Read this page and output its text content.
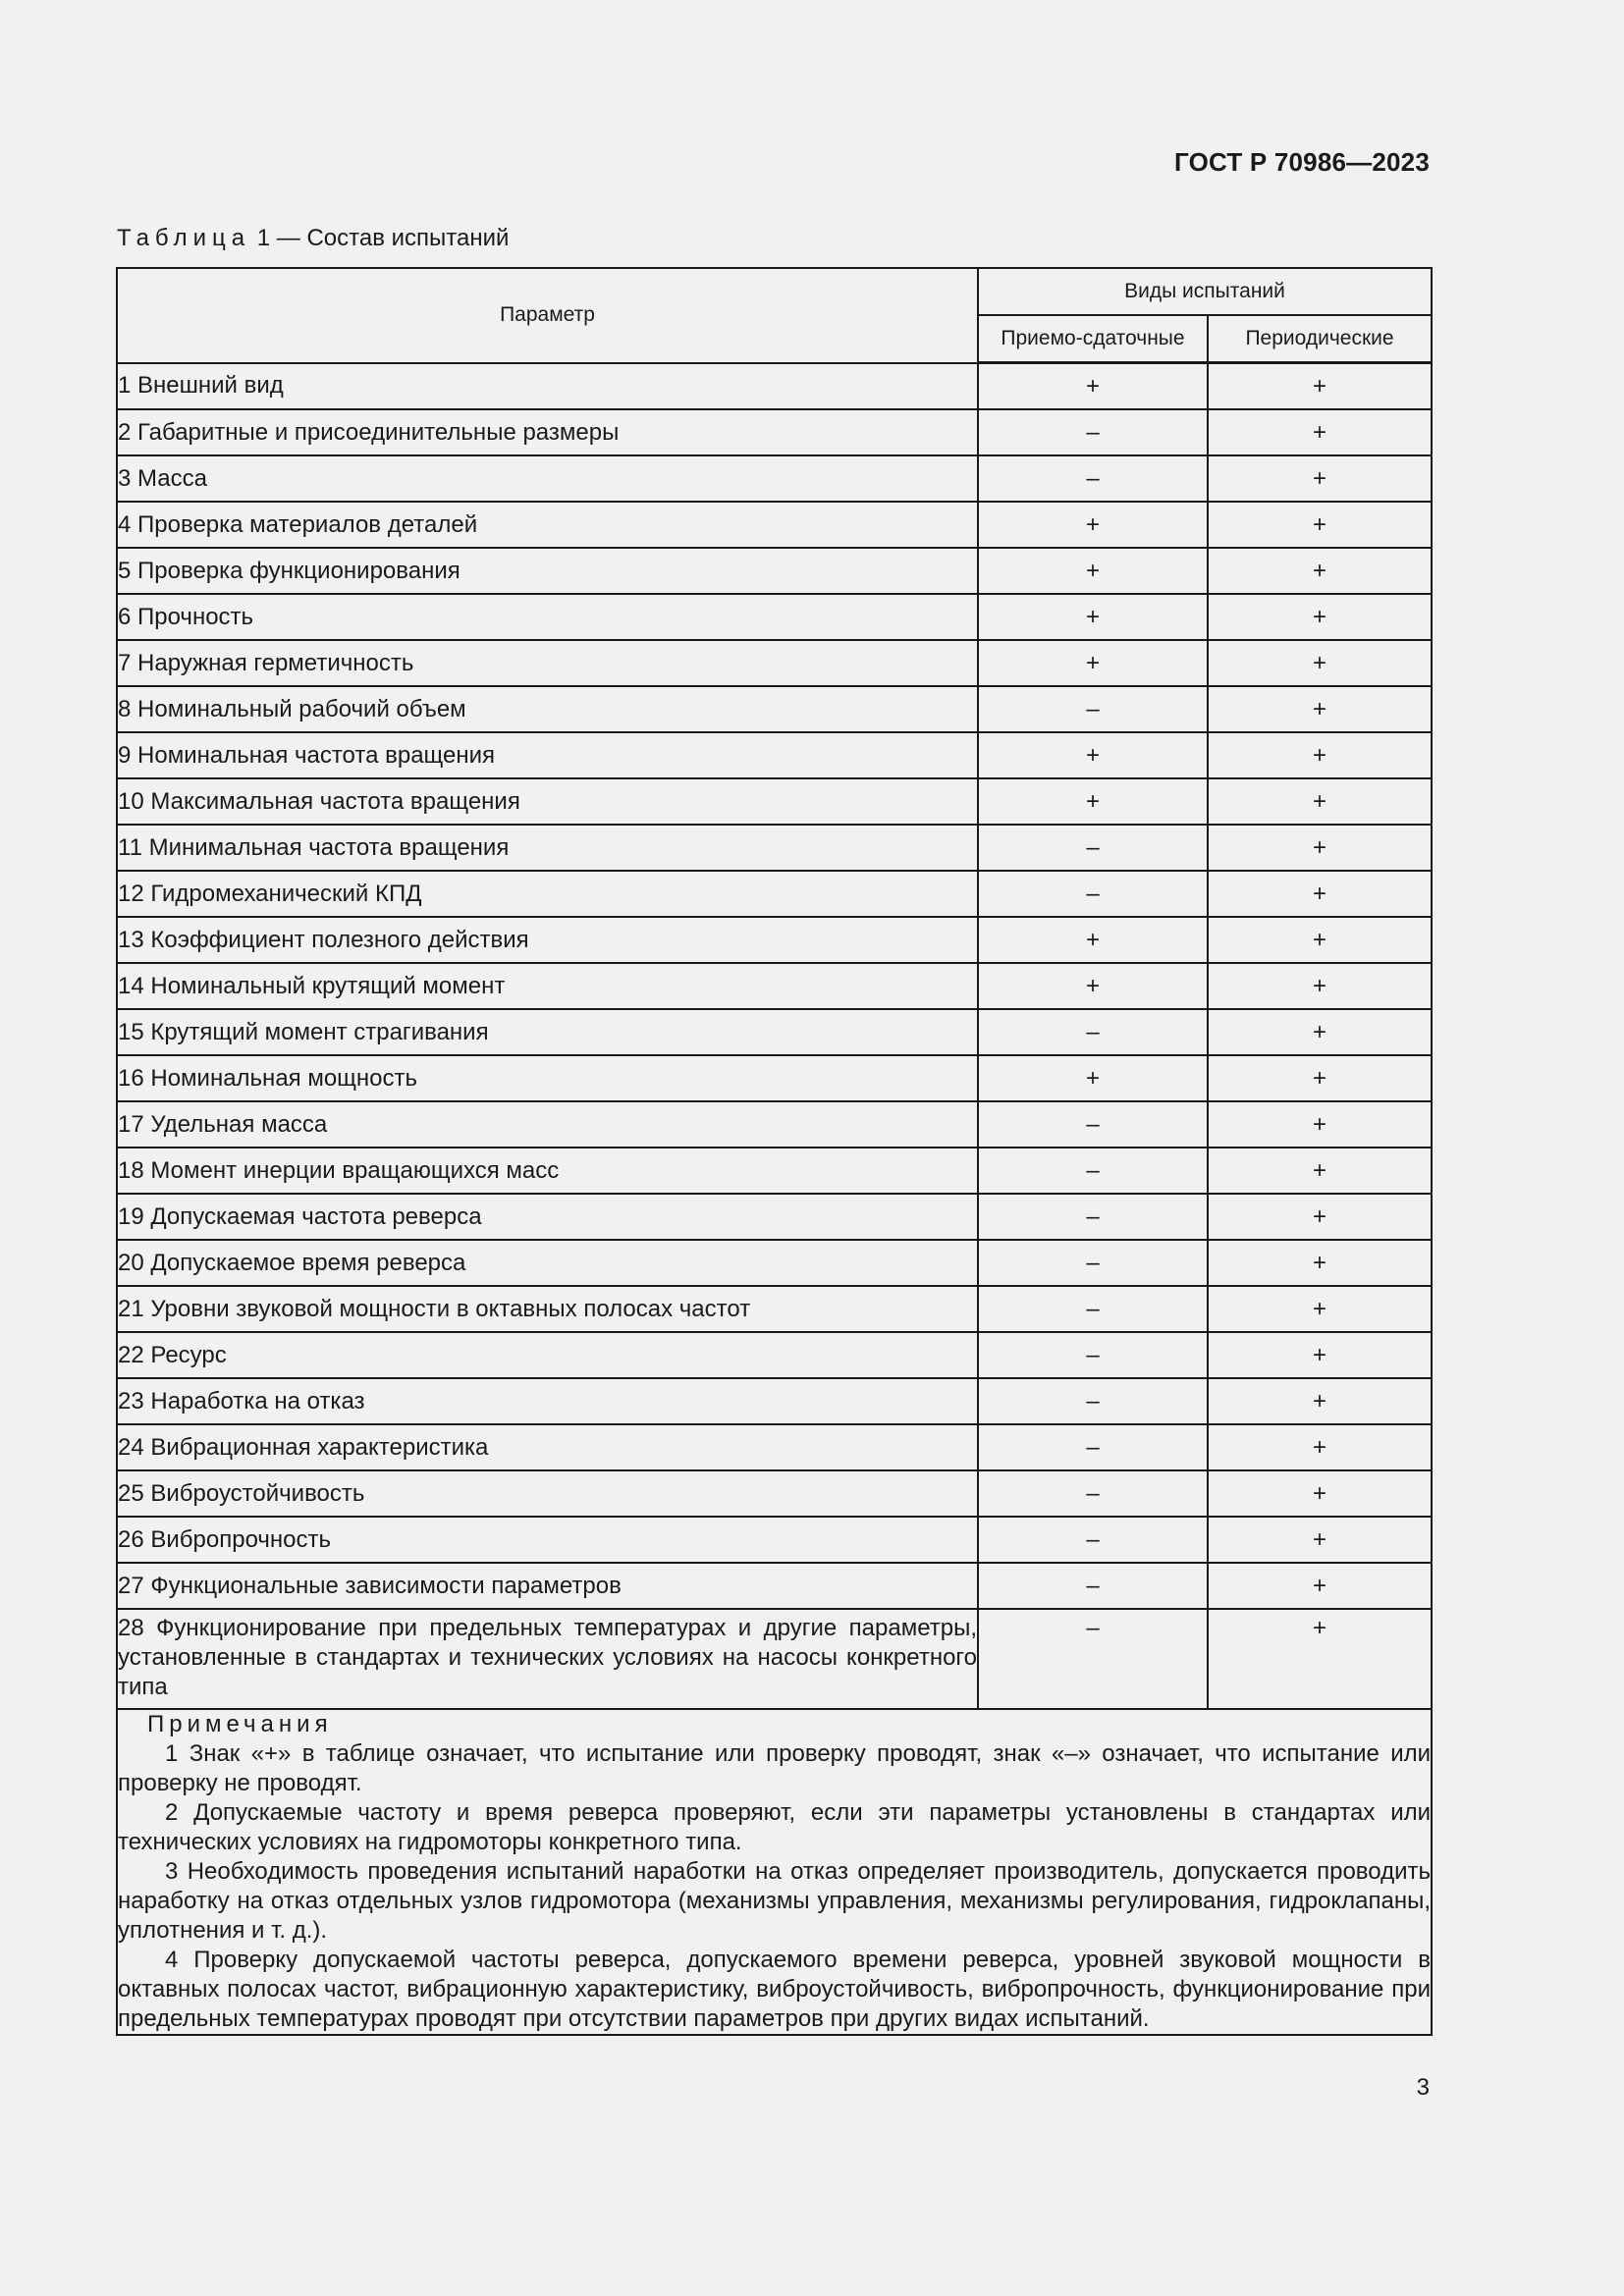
ГОСТ Р 70986—2023
Таблица 1 — Состав испытаний
Параметр	Виды испытаний	
	Приемо-сдаточные	Периодические
1 Внешний вид	+	+
2 Габаритные и присоединительные размеры	–	+
3 Масса	–	+
4 Проверка материалов деталей	+	+
5 Проверка функционирования	+	+
6 Прочность	+	+
7 Наружная герметичность	+	+
8 Номинальный рабочий объем	–	+
9 Номинальная частота вращения	+	+
10 Максимальная частота вращения	+	+
11 Минимальная частота вращения	–	+
12 Гидромеханический КПД	–	+
13 Коэффициент полезного действия	+	+
14 Номинальный крутящий момент	+	+
15 Крутящий момент страгивания	–	+
16 Номинальная мощность	+	+
17 Удельная масса	–	+
18 Момент инерции вращающихся масс	–	+
19 Допускаемая частота реверса	–	+
20 Допускаемое время реверса	–	+
21 Уровни звуковой мощности в октавных полосах частот	–	+
22 Ресурс	–	+
23 Наработка на отказ	–	+
24 Вибрационная характеристика	–	+
25 Виброустойчивость	–	+
26 Вибропрочность	–	+
27 Функциональные зависимости параметров	–	+
28 Функционирование при предельных температурах и другие параметры, установленные в стандартах и технических условиях на насосы конкретного типа	–	+

Примечания

1 Знак «+» в таблице означает, что испытание или проверку проводят, знак «–» означает, что испытание или проверку не проводят.

2 Допускаемые частоту и время реверса проверяют, если эти параметры установлены в стандартах или технических условиях на гидромоторы конкретного типа.

3 Необходимость проведения испытаний наработки на отказ определяет производитель, допускается проводить наработку на отказ отдельных узлов гидромотора (механизмы управления, механизмы регулирования, гидроклапаны, уплотнения и т. д.).

4 Проверку допускаемой частоты реверса, допускаемого времени реверса, уровней звуковой мощности в октавных полосах частот, вибрационную характеристику, виброустойчивость, вибропрочность, функционирование при предельных температурах проводят при отсутствии параметров при других видах испытаний.		

3
